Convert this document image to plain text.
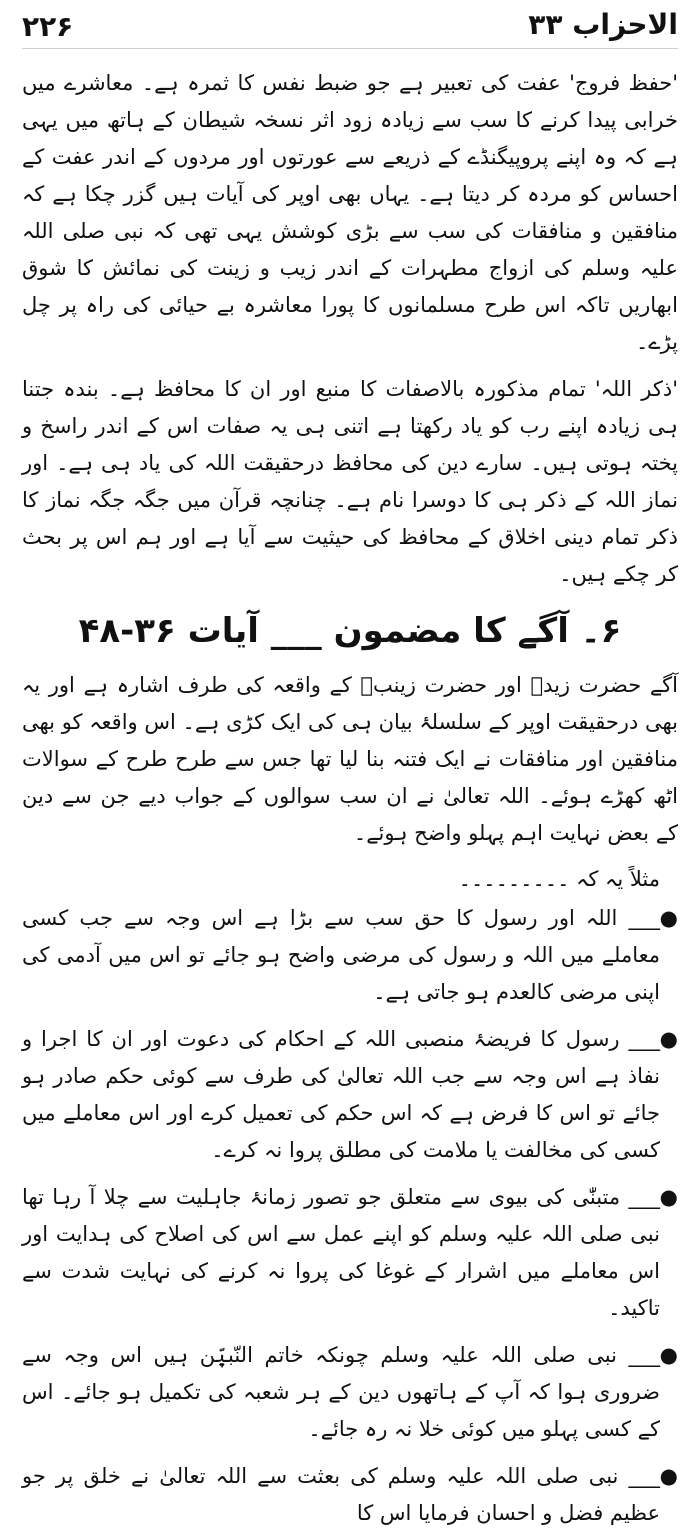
۲۲۶	الاحزاب ۳۳

'حفظ فروج' عفت کی تعبیر ہے جو ضبط نفس کا ثمرہ ہے۔ معاشرے میں خرابی پیدا کرنے کا سب سے زیادہ زود اثر نسخہ شیطان کے ہاتھ میں یہی ہے کہ وہ اپنے پروپیگنڈے کے ذریعے سے عورتوں اور مردوں کے اندر عفت کے احساس کو مردہ کر دیتا ہے۔ یہاں بھی اوپر کی آیات ہیں گزر چکا ہے کہ منافقین و منافقات کی سب سے بڑی کوشش یہی تھی کہ نبی صلی اللہ علیہ وسلم کی ازواج مطہرات کے اندر زیب و زینت کی نمائش کا شوق ابھاریں تاکہ اس طرح مسلمانوں کا پورا معاشرہ بے حیائی کی راہ پر چل پڑے۔

'ذکر اللہ' تمام مذکورہ بالاصفات کا منبع اور ان کا محافظ ہے۔ بندہ جتنا ہی زیادہ اپنے رب کو یاد رکھتا ہے اتنی ہی یہ صفات اس کے اندر راسخ و پختہ ہوتی ہیں۔ سارے دین کی محافظ درحقیقت اللہ کی یاد ہی ہے۔ اور نماز اللہ کے ذکر ہی کا دوسرا نام ہے۔ چنانچہ قرآن میں جگہ جگہ نماز کا ذکر تمام دینی اخلاق کے محافظ کی حیثیت سے آیا ہے اور ہم اس پر بحث کر چکے ہیں۔

۶۔ آگے کا مضمون ___ آیات ۳۶-۴۸

آگے حضرت زیدؓ اور حضرت زینبؓ کے واقعہ کی طرف اشارہ ہے اور یہ بھی درحقیقت اوپر کے سلسلۂ بیان ہی کی ایک کڑی ہے۔ اس واقعہ کو بھی منافقین اور منافقات نے ایک فتنہ بنا لیا تھا جس سے طرح طرح کے سوالات اٹھ کھڑے ہوئے۔ اللہ تعالیٰ نے ان سب سوالوں کے جواب دیے جن سے دین کے بعض نہایت اہم پہلو واضح ہوئے۔

مثلاً یہ کہ ۔۔۔۔۔۔۔۔۔
●
___ اللہ اور رسول کا حق سب سے بڑا ہے اس وجہ سے جب کسی معاملے میں اللہ و رسول کی مرضی واضح ہو جائے تو اس میں آدمی کی اپنی مرضی کالعدم ہو جاتی ہے۔
●
___ رسول کا فریضۂ منصبی اللہ کے احکام کی دعوت اور ان کا اجرا و نفاذ ہے اس وجہ سے جب اللہ تعالیٰ کی طرف سے کوئی حکم صادر ہو جائے تو اس کا فرض ہے کہ اس حکم کی تعمیل کرے اور اس معاملے میں کسی کی مخالفت یا ملامت کی مطلق پروا نہ کرے۔
●
___ متبنّٰی کی بیوی سے متعلق جو تصور زمانۂ جاہلیت سے چلا آ رہا تھا نبی صلی اللہ علیہ وسلم کو اپنے عمل سے اس کی اصلاح کی ہدایت اور اس معاملے میں اشرار کے غوغا کی پروا نہ کرنے کی نہایت شدت سے تاکید۔
●
___ نبی صلی اللہ علیہ وسلم چونکہ خاتم النّبیّٖن ہیں اس وجہ سے ضروری ہوا کہ آپ کے ہاتھوں دین کے ہر شعبہ کی تکمیل ہو جائے۔ اس کے کسی پہلو میں کوئی خلا نہ رہ جائے۔
●
___ نبی صلی اللہ علیہ وسلم کی بعثت سے اللہ تعالیٰ نے خلق پر جو عظیم فضل و احسان فرمایا اس کا
